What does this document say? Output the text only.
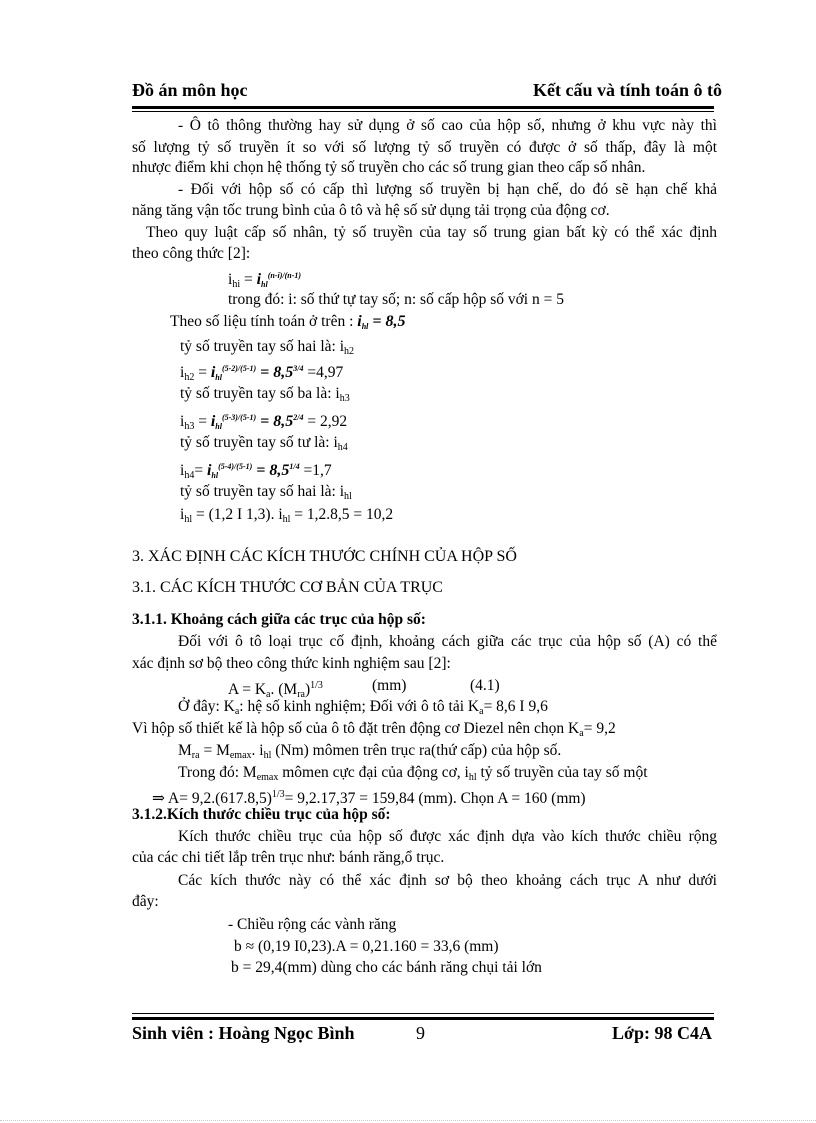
Đồ án môn học	Kết cấu và tính toán ô tô
- Ô tô thông thường hay sử dụng ở số cao của hộp số, nhưng ở khu vực này thì
số lượng tỷ số truyền ít so với số lượng tỷ số truyền có được ở số thấp, đây là một
nhược điểm khi chọn hệ thống tỷ số truyền cho các số trung gian theo cấp số nhân.
- Đối với hộp số có cấp thì lượng số truyền bị hạn chế, do đó sẽ hạn chế khả
năng tăng vận tốc trung bình của ô tô và hệ số sử dụng tải trọng của động cơ.
Theo quy luật cấp số nhân, tỷ số truyền của tay số trung gian bất kỳ có thể xác định
theo công thức [2]:
$i_{hi} = i_{hl}^{(n-i)/(n-1)}$
trong đó: i: số thứ tự tay số; n: số cấp hộp số với n = 5
Theo số liệu tính toán ở trên : $i_{hl} = 8,5$
tỷ số truyền tay số hai là: $i_{h2}$
$i_{h2} = i_{hl}^{(5-2)/(5-1)} = 8,5^{3/4} =4,97$
tỷ số truyền tay số ba là: $i_{h3}$
$i_{h3} = i_{hl}^{(5-3)/(5-1)} = 8,5^{2/4} = 2,92$
tỷ số truyền tay số tư là: $i_{h4}$
$i_{h4}= i_{hl}^{(5-4)/(5-1)} = 8,5^{1/4} =1,7$
tỷ số truyền tay số hai là: $i_{hl}$
$i_{hl} = (1,2$ I 1,3). $i_{hl} = 1,2.8,5 = 10,2$
3. XÁC ĐỊNH CÁC KÍCH THƯỚC CHÍNH CỦA HỘP SỐ
3.1. CÁC KÍCH THƯỚC CƠ BẢN CỦA TRỤC
3.1.1. Khoảng cách giữa các trục của hộp số:
Đối với ô tô loại trục cố định, khoảng cách giữa các trục của hộp số (A) có thể
xác định sơ bộ theo công thức kinh nghiệm sau [2]:
$A = K_a$. $(M_{ra})^{1/3}$	(mm)	(4.1)
Ở đây: $K_a$: hệ số kinh nghiệm; Đối với ô tô tải $K_a= 8,6$ I 9,6
Vì hộp số thiết kế là hộp số của ô tô đặt trên động cơ Diezel nên chọn $K_a= 9,2$
$M_{ra} = M_{emax}$. $i_{hl}$ (Nm) mômen trên trục ra(thứ cấp) của hộp số.
Trong đó: $M_{emax}$ mômen cực đại của động cơ, $i_{hl}$ tỷ số truyền của tay số một
⇒ $A= 9,2.(617.8,5)^{1/3}= 9,2.17,37 = 159,84$ (mm). Chọn A = 160 (mm)
3.1.2.Kích thước chiều trục của hộp số:
Kích thước chiều trục của hộp số được xác định dựa vào kích thước chiều rộng
của các chi tiết lắp trên trục như: bánh răng,ổ trục.
Các kích thước này có thể xác định sơ bộ theo khoảng cách trục A như dưới
đây:
- Chiều rộng các vành răng
b ≈ (0,19 I0,23).A = 0,21.160 = 33,6 (mm)
b = 29,4(mm) dùng cho các bánh răng chụi tải lớn
Sinh viên : Hoàng Ngọc Bình	9	Lớp: 98 C4A
